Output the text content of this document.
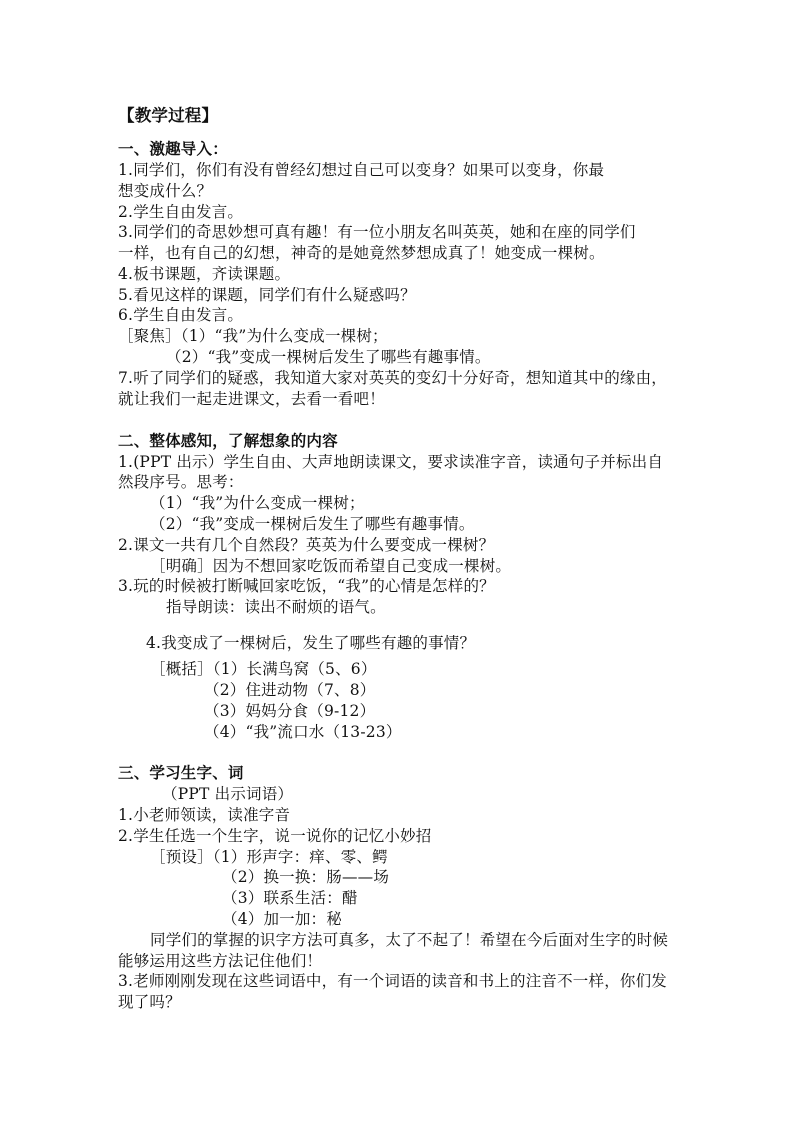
【教学过程】
一、激趣导入：
1.同学们，你们有没有曾经幻想过自己可以变身？如果可以变身，你最
想变成什么？
2.学生自由发言。
3.同学们的奇思妙想可真有趣！有一位小朋友名叫英英，她和在座的同学们
一样，也有自己的幻想，神奇的是她竟然梦想成真了！她变成一棵树。
4.板书课题，齐读课题。
5.看见这样的课题，同学们有什么疑惑吗？
6.学生自由发言。
［聚焦］（1）“我”为什么变成一棵树；
（2）“我”变成一棵树后发生了哪些有趣事情。
7.听了同学们的疑惑，我知道大家对英英的变幻十分好奇，想知道其中的缘由，
就让我们一起走进课文，去看一看吧！
二、整体感知，了解想象的内容
1.(PPT 出示）学生自由、大声地朗读课文，要求读准字音，读通句子并标出自
然段序号。思考：
（1）“我”为什么变成一棵树；
（2）“我”变成一棵树后发生了哪些有趣事情。
2.课文一共有几个自然段？英英为什么要变成一棵树？
［明确］因为不想回家吃饭而希望自己变成一棵树。
3.玩的时候被打断喊回家吃饭，“我”的心情是怎样的？
指导朗读：读出不耐烦的语气。
4.我变成了一棵树后，发生了哪些有趣的事情？
［概括］（1）长满鸟窝（5、6）
（2）住进动物（7、8）
（3）妈妈分食（9-12）
（4）“我”流口水（13-23）
三、学习生字、词
（PPT 出示词语）
1.小老师领读，读准字音
2.学生任选一个生字，说一说你的记忆小妙招
［预设］（1）形声字：痒、零、鳄
（2）换一换：肠——场
（3）联系生活：醋
（4）加一加：秘
同学们的掌握的识字方法可真多，太了不起了！希望在今后面对生字的时候
能够运用这些方法记住他们！
3.老师刚刚发现在这些词语中，有一个词语的读音和书上的注音不一样，你们发
现了吗？
